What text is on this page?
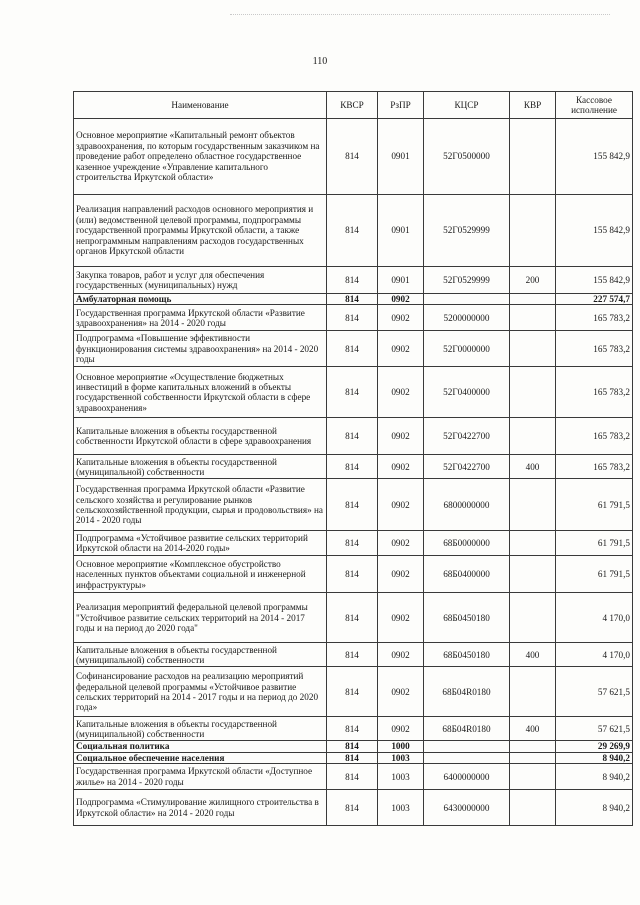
110
Наименование	КВСР	РзПР	КЦСР	КВР	Кассовое исполнение
Основное мероприятие «Капитальный ремонт объектов здравоохранения, по которым государственным заказчиком на проведение работ определено областное государственное казенное учреждение «Управление капитального строительства Иркутской области»	814	0901	52Г0500000		155 842,9
Реализация направлений расходов основного мероприятия и (или) ведомственной целевой программы, подпрограммы государственной программы Иркутской области, а также непрограммным направлениям расходов государственных органов Иркутской области	814	0901	52Г0529999		155 842,9
Закупка товаров, работ и услуг для обеспечения государственных (муниципальных) нужд	814	0901	52Г0529999	200	155 842,9
Амбулаторная помощь	814	0902			227 574,7
Государственная программа Иркутской области «Развитие здравоохранения» на 2014 - 2020 годы	814	0902	5200000000		165 783,2
Подпрограмма «Повышение эффективности функционирования системы здравоохранения» на 2014 - 2020 годы	814	0902	52Г0000000		165 783,2
Основное мероприятие «Осуществление бюджетных инвестиций в форме капитальных вложений в объекты государственной собственности Иркутской области в сфере здравоохранения»	814	0902	52Г0400000		165 783,2
Капитальные вложения в объекты государственной собственности Иркутской области в сфере здравоохранения	814	0902	52Г0422700		165 783,2
Капитальные вложения в объекты государственной (муниципальной) собственности	814	0902	52Г0422700	400	165 783,2
Государственная программа Иркутской области «Развитие сельского хозяйства и регулирование рынков сельскохозяйственной продукции, сырья и продовольствия» на 2014 - 2020 годы	814	0902	6800000000		61 791,5
Подпрограмма «Устойчивое развитие сельских территорий Иркутской области на 2014-2020 годы»	814	0902	68Б0000000		61 791,5
Основное мероприятие «Комплексное обустройство населенных пунктов объектами социальной и инженерной инфраструктуры»	814	0902	68Б0400000		61 791,5
Реализация мероприятий федеральной целевой программы "Устойчивое развитие сельских территорий на 2014 - 2017 годы и на период до 2020 года"	814	0902	68Б0450180		4 170,0
Капитальные вложения в объекты государственной (муниципальной) собственности	814	0902	68Б0450180	400	4 170,0
Софинансирование расходов на реализацию мероприятий федеральной целевой программы «Устойчивое развитие сельских территорий на 2014 - 2017 годы и на период до 2020 года»	814	0902	68Б04R0180		57 621,5
Капитальные вложения в объекты государственной (муниципальной) собственности	814	0902	68Б04R0180	400	57 621,5
Социальная политика	814	1000			29 269,9
Социальное обеспечение населения	814	1003			8 940,2
Государственная программа Иркутской области «Доступное жилье» на 2014 - 2020 годы	814	1003	6400000000		8 940,2
Подпрограмма «Стимулирование жилищного строительства в Иркутской области» на 2014 - 2020 годы	814	1003	6430000000		8 940,2
